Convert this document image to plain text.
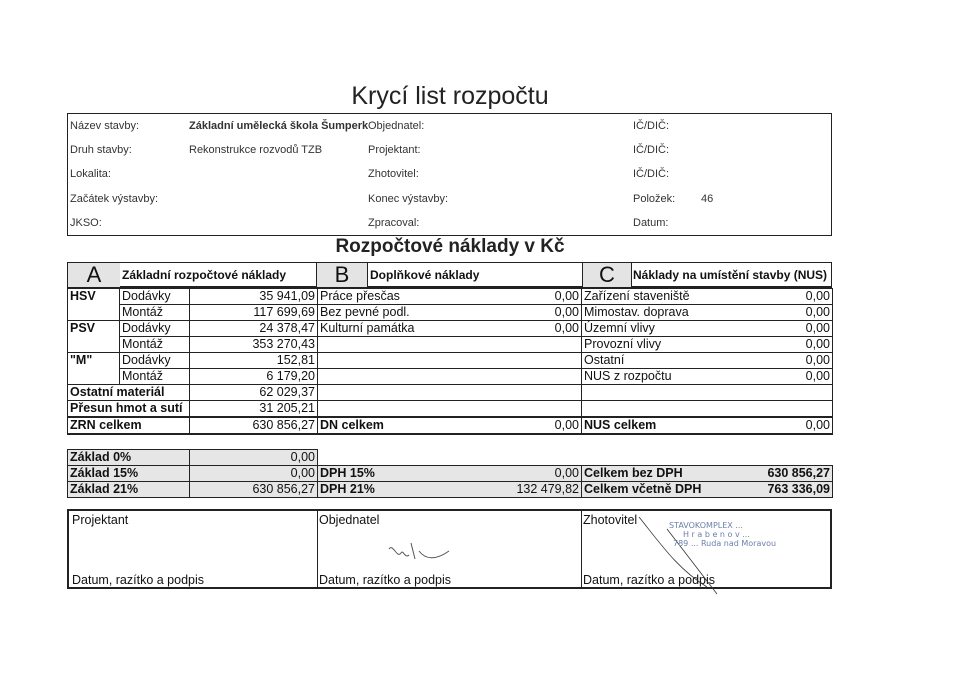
Krycí list rozpočtu
Název stavby:	Základní umělecká škola Šumperk Objednatel:	IČ/DIČ:
Druh stavby:	Rekonstrukce rozvodů TZB	Projektant:	IČ/DIČ:
Lokalita:	Zhotovitel:	IČ/DIČ:
Začátek výstavby:	Konec výstavby:	Položek: 46
JKSO:	Zpracoval:	Datum:
Rozpočtové náklady v Kč
A	Základní rozpočtové náklady	B	Doplňkové náklady	C	Náklady na umístění stavby (NUS)
HSV	Dodávky	35 941,09	Práce přesčas	0,00	Zařízení staveniště	0,00
	Montáž	117 699,69	Bez pevné podl.	0,00	Mimostav. doprava	0,00
PSV	Dodávky	24 378,47	Kulturní památka	0,00	Územní vlivy	0,00
	Montáž	353 270,43			Provozní vlivy	0,00
"M"	Dodávky	152,81			Ostatní	0,00
	Montáž	6 179,20			NUS z rozpočtu	0,00
Ostatní materiál		62 029,37				
Přesun hmot a sutí		31 205,21				
ZRN celkem		630 856,27	DN celkem	0,00	NUS celkem	0,00
Základ 0%	0,00				
Základ 15%	0,00	DPH 15%	0,00	Celkem bez DPH	630 856,27
Základ 21%	630 856,27	DPH 21%	132 479,82	Celkem včetně DPH	763 336,09
Projektant
Datum, razítko a podpis
Objednatel
Datum, razítko a podpis
Zhotovitel
Datum, razítko a podpis
STAVOKOMPLEX ...
H r a b e n o v ...
789 ... Ruda nad Moravou
